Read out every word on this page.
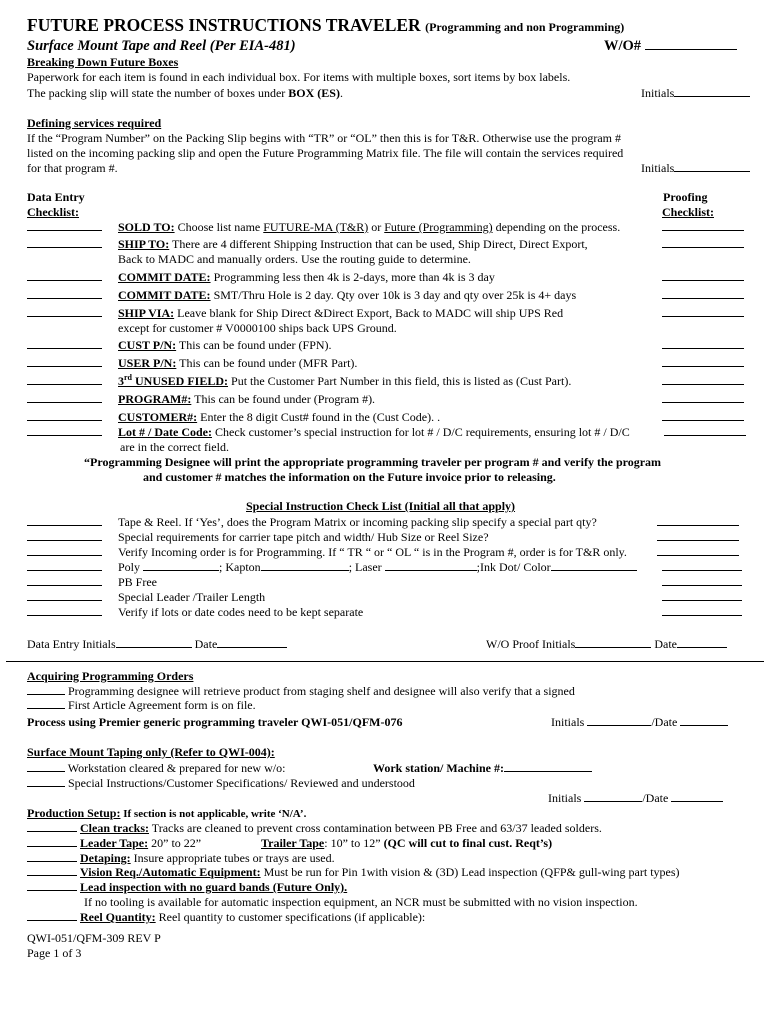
FUTURE PROCESS INSTRUCTIONS TRAVELER (Programming and non Programming)
Surface Mount Tape and Reel (Per EIA-481)	W/O#
Breaking Down Future Boxes
Paperwork for each item is found in each individual box. For items with multiple boxes, sort items by box labels.
The packing slip will state the number of boxes under BOX (ES).	Initials
Defining services required
If the “Program Number” on the Packing Slip begins with “TR” or “OL” then this is for T&R. Otherwise use the program #
listed on the incoming packing slip and open the Future Programming Matrix file. The file will contain the services required
for that program #.	Initials
Data Entry
Checklist:
Proofing
Checklist:
SOLD TO: Choose list name FUTURE-MA (T&R) or Future (Programming) depending on the process.
SHIP TO: There are 4 different Shipping Instruction that can be used, Ship Direct, Direct Export,
Back to MADC and manually orders. Use the routing guide to determine.
COMMIT DATE: Programming less then 4k is 2-days, more than 4k is 3 day
COMMIT DATE: SMT/Thru Hole is 2 day. Qty over 10k is 3 day and qty over 25k is 4+ days
SHIP VIA: Leave blank for Ship Direct &Direct Export, Back to MADC will ship UPS Red
except for customer # V0000100 ships back UPS Ground.
CUST P/N: This can be found under (FPN).
USER P/N: This can be found under (MFR Part).
3rd UNUSED FIELD: Put the Customer Part Number in this field, this is listed as (Cust Part).
PROGRAM#: This can be found under (Program #).
CUSTOMER#: Enter the 8 digit Cust# found in the (Cust Code). .
Lot # / Date Code: Check customer’s special instruction for lot # / D/C requirements, ensuring lot # / D/C
are in the correct field.
“Programming Designee will print the appropriate programming traveler per program # and verify the program
and customer # matches the information on the Future invoice prior to releasing.
Special Instruction Check List (Initial all that apply)
Tape & Reel. If ‘Yes’, does the Program Matrix or incoming packing slip specify a special part qty?
Special requirements for carrier tape pitch and width/ Hub Size or Reel Size?
Verify Incoming order is for Programming. If “ TR “ or “ OL “ is in the Program #, order is for T&R only.
Poly	; Kapton	; Laser	;Ink Dot/ Color
PB Free
Special Leader /Trailer Length
Verify if lots or date codes need to be kept separate
Data Entry Initials	Date	W/O Proof Initials	Date
Acquiring Programming Orders
Programming designee will retrieve product from staging shelf and designee will also verify that a signed
First Article Agreement form is on file.
Process using Premier generic programming traveler QWI-051/QFM-076	Initials	/Date
Surface Mount Taping only (Refer to QWI-004):
Workstation cleared & prepared for new w/o:	Work station/ Machine #:
Special Instructions/Customer Specifications/ Reviewed and understood
Initials	/Date
Production Setup: If section is not applicable, write ‘N/A’.
Clean tracks: Tracks are cleaned to prevent cross contamination between PB Free and 63/37 leaded solders.
Leader Tape: 20” to 22”	Trailer Tape: 10” to 12” (QC will cut to final cust. Reqt’s)
Detaping: Insure appropriate tubes or trays are used.
Vision Req./Automatic Equipment: Must be run for Pin 1with vision & (3D) Lead inspection (QFP& gull-wing part types)
Lead inspection with no guard bands (Future Only).
If no tooling is available for automatic inspection equipment, an NCR must be submitted with no vision inspection.
Reel Quantity: Reel quantity to customer specifications (if applicable):
QWI-051/QFM-309 REV P
Page 1 of 3
